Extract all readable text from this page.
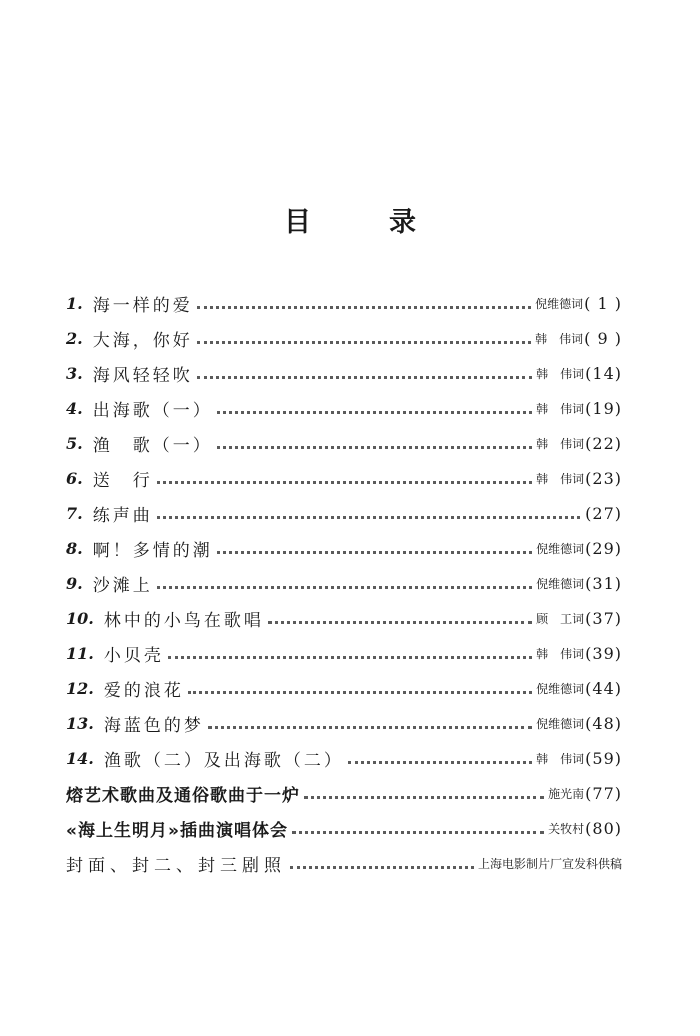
目	录
1. 海一样的爱	倪维德词 ( 1 )
2. 大海，你好	韩　伟词 ( 9 )
3. 海风轻轻吹	韩　伟词 (14)
4. 出海歌（一）	韩　伟词 (19)
5. 渔　歌（一）	韩　伟词 (22)
6. 送　行	韩　伟词 (23)
7. 练声曲	(27)
8. 啊！多情的潮	倪维德词 (29)
9. 沙滩上	倪维德词 (31)
10. 林中的小鸟在歌唱	顾　工词 (37)
11. 小贝壳	韩　伟词 (39)
12. 爱的浪花	倪维德词 (44)
13. 海蓝色的梦	倪维德词 (48)
14. 渔歌（二）及出海歌（二）	韩　伟词 (59)
熔艺术歌曲及通俗歌曲于一炉	施光南 (77)
«海上生明月»插曲演唱体会	关牧村 (80)
封面、封二、封三剧照	上海电影制片厂宣发科供稿
